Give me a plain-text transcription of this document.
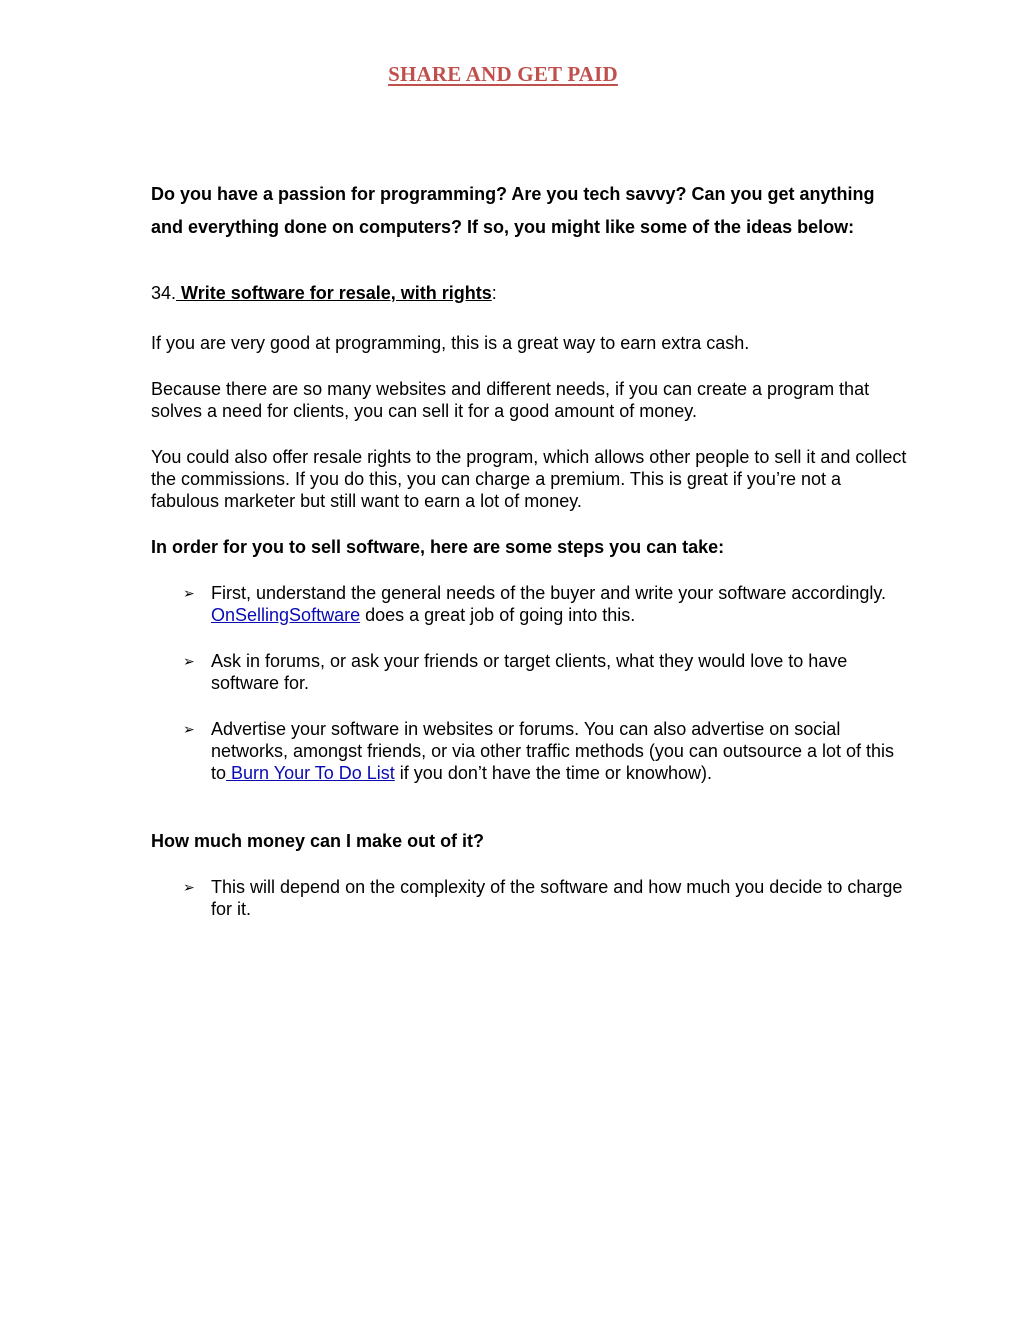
SHARE AND GET PAID

Do you have a passion for programming? Are you tech savvy? Can you get anything and everything done on computers? If so, you might like some of the ideas below:

34. Write software for resale, with rights:

If you are very good at programming, this is a great way to earn extra cash.

Because there are so many websites and different needs, if you can create a program that solves a need for clients, you can sell it for a good amount of money.

You could also offer resale rights to the program, which allows other people to sell it and collect the commissions. If you do this, you can charge a premium. This is great if you’re not a fabulous marketer but still want to earn a lot of money.

In order for you to sell software, here are some steps you can take:
➢ First, understand the general needs of the buyer and write your software accordingly. OnSellingSoftware does a great job of going into this.
➢ Ask in forums, or ask your friends or target clients, what they would love to have software for.
➢ Advertise your software in websites or forums. You can also advertise on social networks, amongst friends, or via other traffic methods (you can outsource a lot of this to Burn Your To Do List if you don’t have the time or knowhow).
How much money can I make out of it?
➢ This will depend on the complexity of the software and how much you decide to charge for it.
